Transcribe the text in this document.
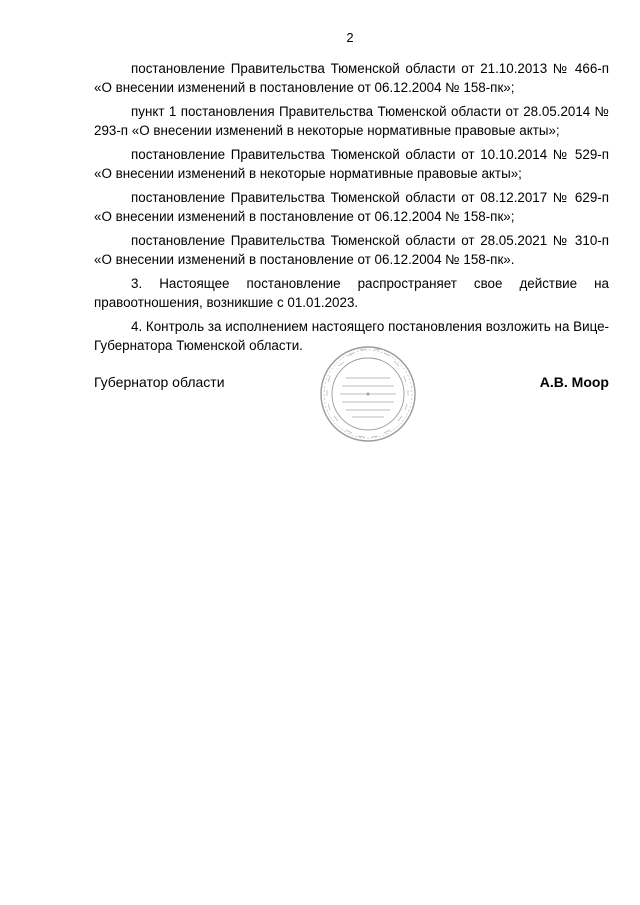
2

постановление Правительства Тюменской области от 21.10.2013 № 466-п «О внесении изменений в постановление от 06.12.2004 № 158-пк»;

пункт 1 постановления Правительства Тюменской области от 28.05.2014 № 293-п «О внесении изменений в некоторые нормативные правовые акты»;

постановление Правительства Тюменской области от 10.10.2014 № 529-п «О внесении изменений в некоторые нормативные правовые акты»;

постановление Правительства Тюменской области от 08.12.2017 № 629-п «О внесении изменений в постановление от 06.12.2004 № 158-пк»;

постановление Правительства Тюменской области от 28.05.2021 № 310-п «О внесении изменений в постановление от 06.12.2004 № 158-пк».

3. Настоящее постановление распространяет свое действие на правоотношения, возникшие с 01.01.2023.

4. Контроль за исполнением настоящего постановления возложить на Вице-Губернатора Тюменской области.

Губернатор области	А.В. Моор
